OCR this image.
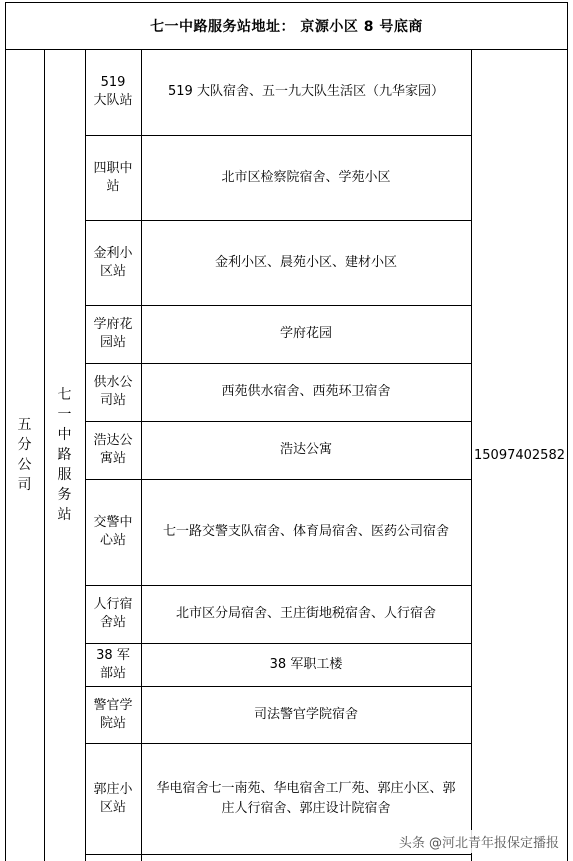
七一中路服务站地址： 京源小区 8 号底商
五分公司
七一中路服务站
15097402582
519 大队站
519 大队宿舍、五一九大队生活区（九华家园）
四职中站
北市区检察院宿舍、学苑小区
金利小区站
金利小区、晨苑小区、建材小区
学府花园站
学府花园
供水公司站
西苑供水宿舍、西苑环卫宿舍
浩达公寓站
浩达公寓
交警中心站
七一路交警支队宿舍、体育局宿舍、医药公司宿舍
人行宿舍站
北市区分局宿舍、王庄街地税宿舍、人行宿舍
38 军部站
38 军职工楼
警官学院站
司法警官学院宿舍
郭庄小区站
华电宿舍七一南苑、华电宿舍工厂苑、郭庄小区、郭庄人行宿舍、郭庄设计院宿舍
头条 @河北青年报保定播报
